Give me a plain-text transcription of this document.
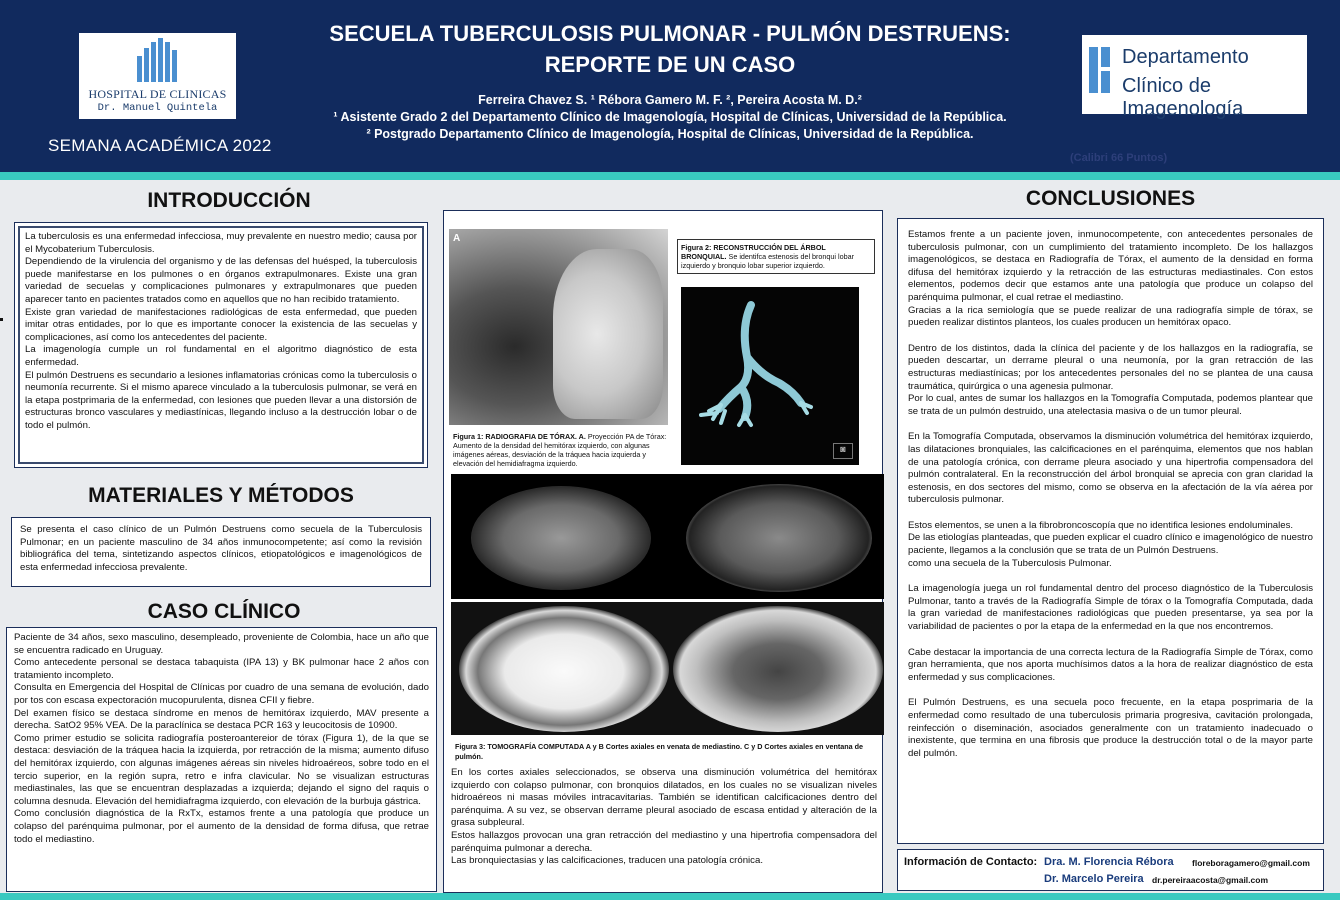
HOSPITAL DE CLINICAS
Dr. Manuel Quintela
SEMANA ACADÉMICA 2022
SECUELA TUBERCULOSIS PULMONAR - PULMÓN DESTRUENS:
REPORTE DE UN CASO
Ferreira Chavez S. ¹ Rébora Gamero M. F. ², Pereira Acosta M. D.²
¹ Asistente Grado 2 del Departamento Clínico de Imagenología, Hospital de Clínicas, Universidad de la República.
² Postgrado Departamento Clínico de Imagenología, Hospital de Clínicas, Universidad de la República.
(Calibri 66 Puntos)
Departamento
Clínico de Imagenología
INTRODUCCIÓN

La tuberculosis es una enfermedad infecciosa, muy prevalente en nuestro medio; causa por el Mycobaterium Tuberculosis.

Dependiendo de la virulencia del organismo y de las defensas del huésped, la tuberculosis puede manifestarse en los pulmones o en órganos extrapulmonares. Existe una gran variedad de secuelas y complicaciones pulmonares y extrapulmonares que pueden aparecer tanto en pacientes tratados como en aquellos que no han recibido tratamiento.

Existe gran variedad de manifestaciones radiológicas de esta enfermedad, que pueden imitar otras entidades, por lo que es importante conocer la existencia de las secuelas y complicaciones, así como los antecedentes del paciente.

La imagenología cumple un rol fundamental en el algoritmo diagnóstico de esta enfermedad.

El pulmón Destruens es secundario a lesiones inflamatorias crónicas como la tuberculosis o neumonía recurrente. Si el mismo aparece vinculado a la tuberculosis pulmonar, se verá en la etapa postprimaria de la enfermedad, con lesiones que pueden llevar a una distorsión de estructuras bronco vasculares y mediastínicas, llegando incluso a la destrucción lobar o de todo el pulmón.

MATERIALES Y MÉTODOS

Se presenta el caso clínico de un Pulmón Destruens como secuela de la Tuberculosis Pulmonar; en un paciente masculino de 34 años inmunocompetente; así como la revisión bibliográfica del tema, sintetizando aspectos clínicos, etiopatológicos e imagenológicos de esta enfermedad infecciosa prevalente.

CASO CLÍNICO

Paciente de 34 años, sexo masculino, desempleado, proveniente de Colombia, hace un año que se encuentra radicado en Uruguay.

Como antecedente personal se destaca tabaquista (IPA 13) y BK pulmonar hace 2 años con tratamiento incompleto.

Consulta en Emergencia del Hospital de Clínicas por cuadro de una semana de evolución, dado por tos con escasa expectoración mucopurulenta, disnea CFII y fiebre.

Del examen físico se destaca síndrome en menos de hemitórax izquierdo, MAV presente a derecha. SatO2 95% VEA. De la paraclínica se destaca PCR 163 y leucocitosis de 10900.

Como primer estudio se solicita radiografía posteroantereior de tórax (Figura 1), de la que se destaca: desviación de la tráquea hacia la izquierda, por retracción de la misma; aumento difuso del hemitórax izquierdo, con algunas imágenes aéreas sin niveles hidroaéreos, sobre todo en el tercio superior, en la región supra, retro e infra clavicular. No se visualizan estructuras mediastinales, las que se encuentran desplazadas a izquierda; dejando el signo del raquis o columna desnuda. Elevación del hemidiafragma izquierdo, con elevación de la burbuja gástrica.

Como conclusión diagnóstica de la RxTx, estamos frente a una patología que produce un colapso del parénquima pulmonar, por el aumento de la densidad de forma difusa, que retrae todo el mediastino.

A
Figura 1: RADIOGRAFIA DE TÓRAX. A. Proyección PA de Tórax: Aumento de la densidad del hemitórax izquierdo, con algunas imágenes aéreas, desviación de la tráquea hacia izquierda y elevación del hemidiafragma izquierdo.
Figura 2: RECONSTRUCCIÓN DEL ÁRBOL BRONQUIAL. Se identifca estenosis del bronqui lobar izquierdo y bronquio lobar superior izquierdo.
◙
Figura 3: TOMOGRAFÍA COMPUTADA A y B Cortes axiales en venata de mediastino. C y D Cortes axiales en ventana de pulmón.

En los cortes axiales seleccionados, se observa una disminución volumétrica del hemitórax izquierdo con colapso pulmonar, con bronquios dilatados, en los cuales no se visualizan niveles hidroaéreos ni masas móviles intracavitarias. También se identifican calcificaciones dentro del parénquima. A su vez, se observan derrame pleural asociado de escasa entidad y alteración de la grasa subpleural.

Estos hallazgos provocan una gran retracción del mediastino y una hipertrofia compensadora del parénquima pulmonar a derecha.

Las bronquiectasias y las calcificaciones, traducen una patología crónica.

CONCLUSIONES

Estamos frente a un paciente joven, inmunocompetente, con antecedentes personales de tuberculosis pulmonar, con un cumplimiento del tratamiento incompleto. De los hallazgos imagenológicos, se destaca en Radiografía de Tórax, el aumento de la densidad en forma difusa del hemitórax izquierdo y la retracción de las estructuras mediastinales. Con estos elementos, podemos decir que estamos ante una patología que produce un colapso del parénquima pulmonar, el cual retrae el mediastino.

Gracias a la rica semiología que se puede realizar de una radiografía simple de tórax, se pueden realizar distintos planteos, los cuales producen un hemitórax opaco.

Dentro de los distintos, dada la clínica del paciente y de los hallazgos en la radiografía, se pueden descartar, un derrame pleural o una neumonía, por la gran retracción de las estructuras mediastínicas; por los antecedentes personales del no se plantea de una causa traumática, quirúrgica o una agenesia pulmonar.

Por lo cual, antes de sumar los hallazgos en la Tomografía Computada, podemos plantear que se trata de un pulmón destruido, una atelectasia masiva o de un tumor pleural.

En la Tomografía Computada, observamos la disminución volumétrica del hemitórax izquierdo, las dilataciones bronquiales, las calcificaciones en el parénquima, elementos que nos hablan de una patología crónica, con derrame pleura asociado y una hipertrofia compensadora del pulmón contralateral. En la reconstrucción del árbol bronquial se aprecia con gran claridad la estenosis, en dos sectores del mismo, como se observa en la afectación de la vía aérea por tuberculosis pulmonar.

Estos elementos, se unen a la fibrobroncoscopía que no identifica lesiones endoluminales.

De las etiologías planteadas, que pueden explicar el cuadro clínico e imagenológico de nuestro paciente, llegamos a la conclusión que se trata de un Pulmón Destruens.

como una secuela de la Tuberculosis Pulmonar.

La imagenología juega un rol fundamental dentro del proceso diagnóstico de la Tuberculosis Pulmonar, tanto a través de la Radiografía Simple de tórax o la Tomografía Computada, dada la gran variedad de manifestaciones radiológicas que pueden presentarse, ya sea por la variabilidad de pacientes o por la etapa de la enfermedad en la que nos encontremos.

Cabe destacar la importancia de una correcta lectura de la Radiografía Simple de Tórax, como gran herramienta, que nos aporta muchísimos datos a la hora de realizar diagnóstico de esta enfermedad y sus complicaciones.

El Pulmón Destruens, es una secuela poco frecuente, en la etapa posprimaria de la enfermedad como resultado de una tuberculosis primaria progresiva, cavitación prolongada, reinfección o diseminación, asociados generalmente con un tratamiento inadecuado o inexistente, que termina en una fibrosis que produce la destrucción total o de la mayor parte del pulmón.

Información de Contacto: Dra. M. Florencia Rébora floreboragamero@gmail.com
Dr. Marcelo Pereira dr.pereiraacosta@gmail.com
